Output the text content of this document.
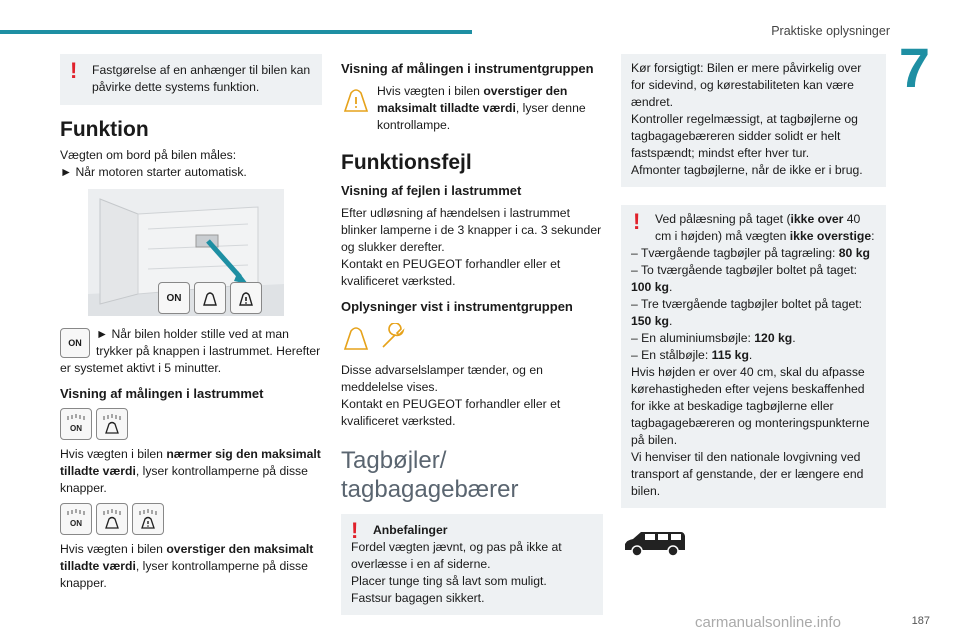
Praktiske oplysninger
7
! Fastgørelse af en anhænger til bilen kan påvirke dette systems funktion.

Funktion

Vægten om bord på bilen måles:

► Når motoren starter automatisk.

ON
ON

► Når bilen holder stille ved at man trykker på knappen i lastrummet. Herefter er systemet aktivt i 5 minutter.

Visning af målingen i lastrummet
ON

Hvis vægten i bilen nærmer sig den maksimalt tilladte værdi, lyser kontrollamperne på disse knapper.

ON

Hvis vægten i bilen overstiger den maksimalt tilladte værdi, lyser kontrollamperne på disse knapper.

Visning af målingen i instrumentgruppen

Hvis vægten i bilen overstiger den maksimalt tilladte værdi, lyser denne kontrollampe.

Funktionsfejl
Visning af fejlen i lastrummet

Efter udløsning af hændelsen i lastrummet blinker lamperne i de 3 knapper i ca. 3 sekunder og slukker derefter.

Kontakt en PEUGEOT forhandler eller et kvalificeret værksted.

Oplysninger vist i instrumentgruppen

Disse advarselslamper tænder, og en meddelelse vises.

Kontakt en PEUGEOT forhandler eller et kvalificeret værksted.

Tagbøjler/
tagbagagebærer
! Anbefalinger

Fordel vægten jævnt, og pas på ikke at overlæsse i en af siderne.

Placer tunge ting så lavt som muligt.

Fastsur bagagen sikkert.

Kør forsigtigt: Bilen er mere påvirkelig over for sidevind, og kørestabiliteten kan være ændret.

Kontroller regelmæssigt, at tagbøjlerne og tagbagagebæreren sidder solidt er helt fastspændt; mindst efter hver tur.

Afmonter tagbøjlerne, når de ikke er i brug.

!	Ved pålæsning på taget (ikke over 40 cm i højden) må vægten ikke overstige:

– Tværgående tagbøjler på tagræling: 80 kg

– To tværgående tagbøjler boltet på taget: 100 kg.

– Tre tværgående tagbøjler boltet på taget: 150 kg.

– En aluminiumsbøjle: 120 kg.

– En stålbøjle: 115 kg.

Hvis højden er over 40 cm, skal du afpasse kørehastigheden efter vejens beskaffenhed for ikke at beskadige tagbøjlerne eller tagbagagebæreren og monteringspunkterne på bilen.

Vi henviser til den nationale lovgivning ved transport af genstande, der er længere end bilen.

187
carmanualsonline.info
